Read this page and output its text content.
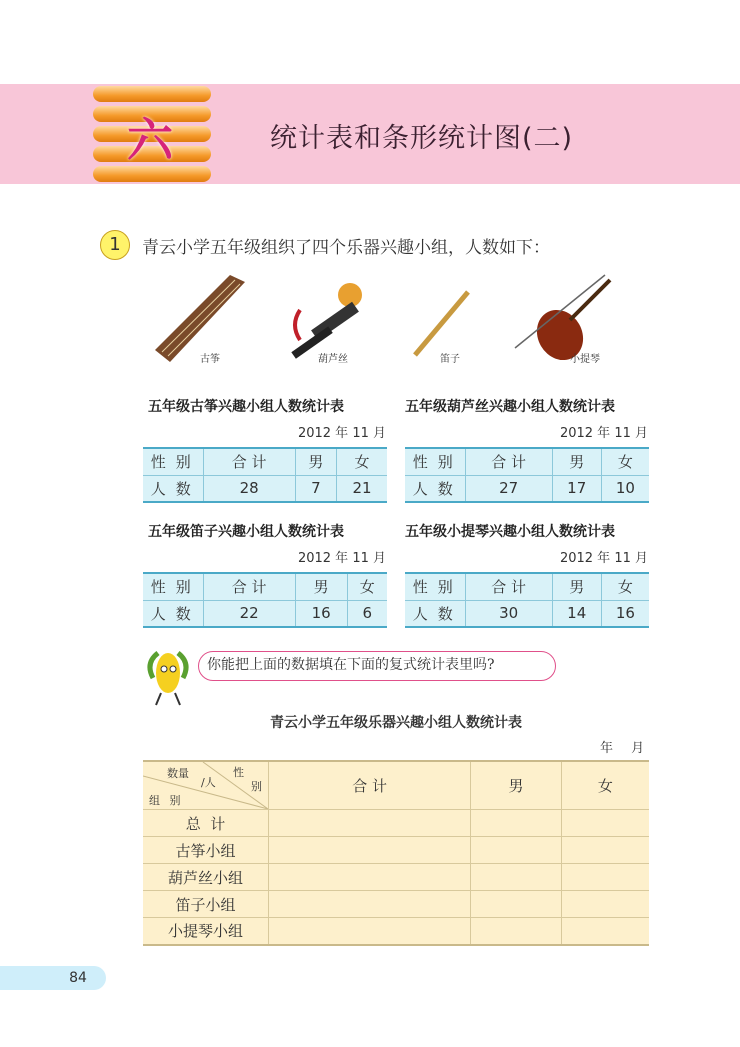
六	统计表和条形统计图(二)
1	青云小学五年级组织了四个乐器兴趣小组，人数如下：
古筝	葫芦丝	笛子	小提琴
五年级古筝兴趣小组人数统计表
2012 年 11 月
性别	合 计	男	女
人数	28	7	21
五年级葫芦丝兴趣小组人数统计表
2012 年 11 月
性别	合 计	男	女
人数	27	17	10
五年级笛子兴趣小组人数统计表
2012 年 11 月
性别	合 计	男	女
人数	22	16	6
五年级小提琴兴趣小组人数统计表
2012 年 11 月
性别	合 计	男	女
人数	30	14	16
你能把上面的数据填在下面的复式统计表里吗?
青云小学五年级乐器兴趣小组人数统计表
年 月
数量
/人
性
别
组 别	合 计	男	女
总  计			
古筝小组			
葫芦丝小组			
笛子小组			
小提琴小组			
84
